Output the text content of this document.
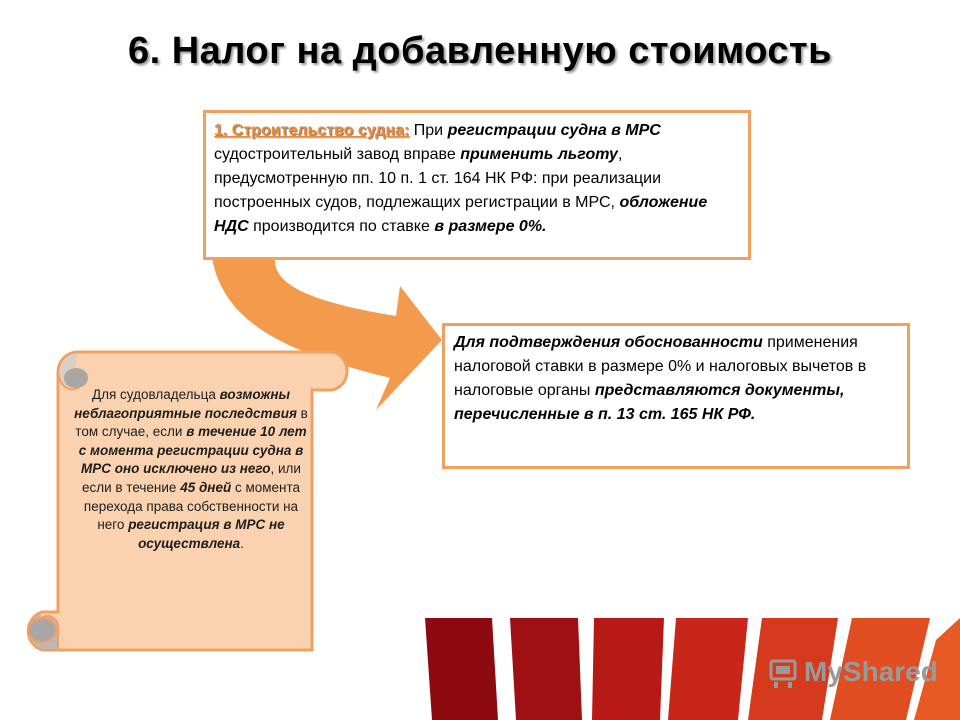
6. Налог на добавленную стоимость
1. Строительство судна: При регистрации судна в МРС судостроительный завод вправе применить льготу, предусмотренную пп. 10 п. 1 ст. 164 НК РФ: при реализации построенных судов, подлежащих регистрации в МРС, обложение НДС производится по ставке в размере 0%.
Для подтверждения обоснованности применения налоговой ставки в размере 0% и налоговых вычетов в налоговые органы представляются документы, перечисленные в п. 13 ст. 165 НК РФ.
Для судовладельца возможны неблагоприятные последствия в том случае, если в течение 10 лет с момента регистрации судна в МРС оно исключено из него, или если в течение 45 дней с момента перехода права собственности на него регистрация в МРС не осуществлена.
MyShared
